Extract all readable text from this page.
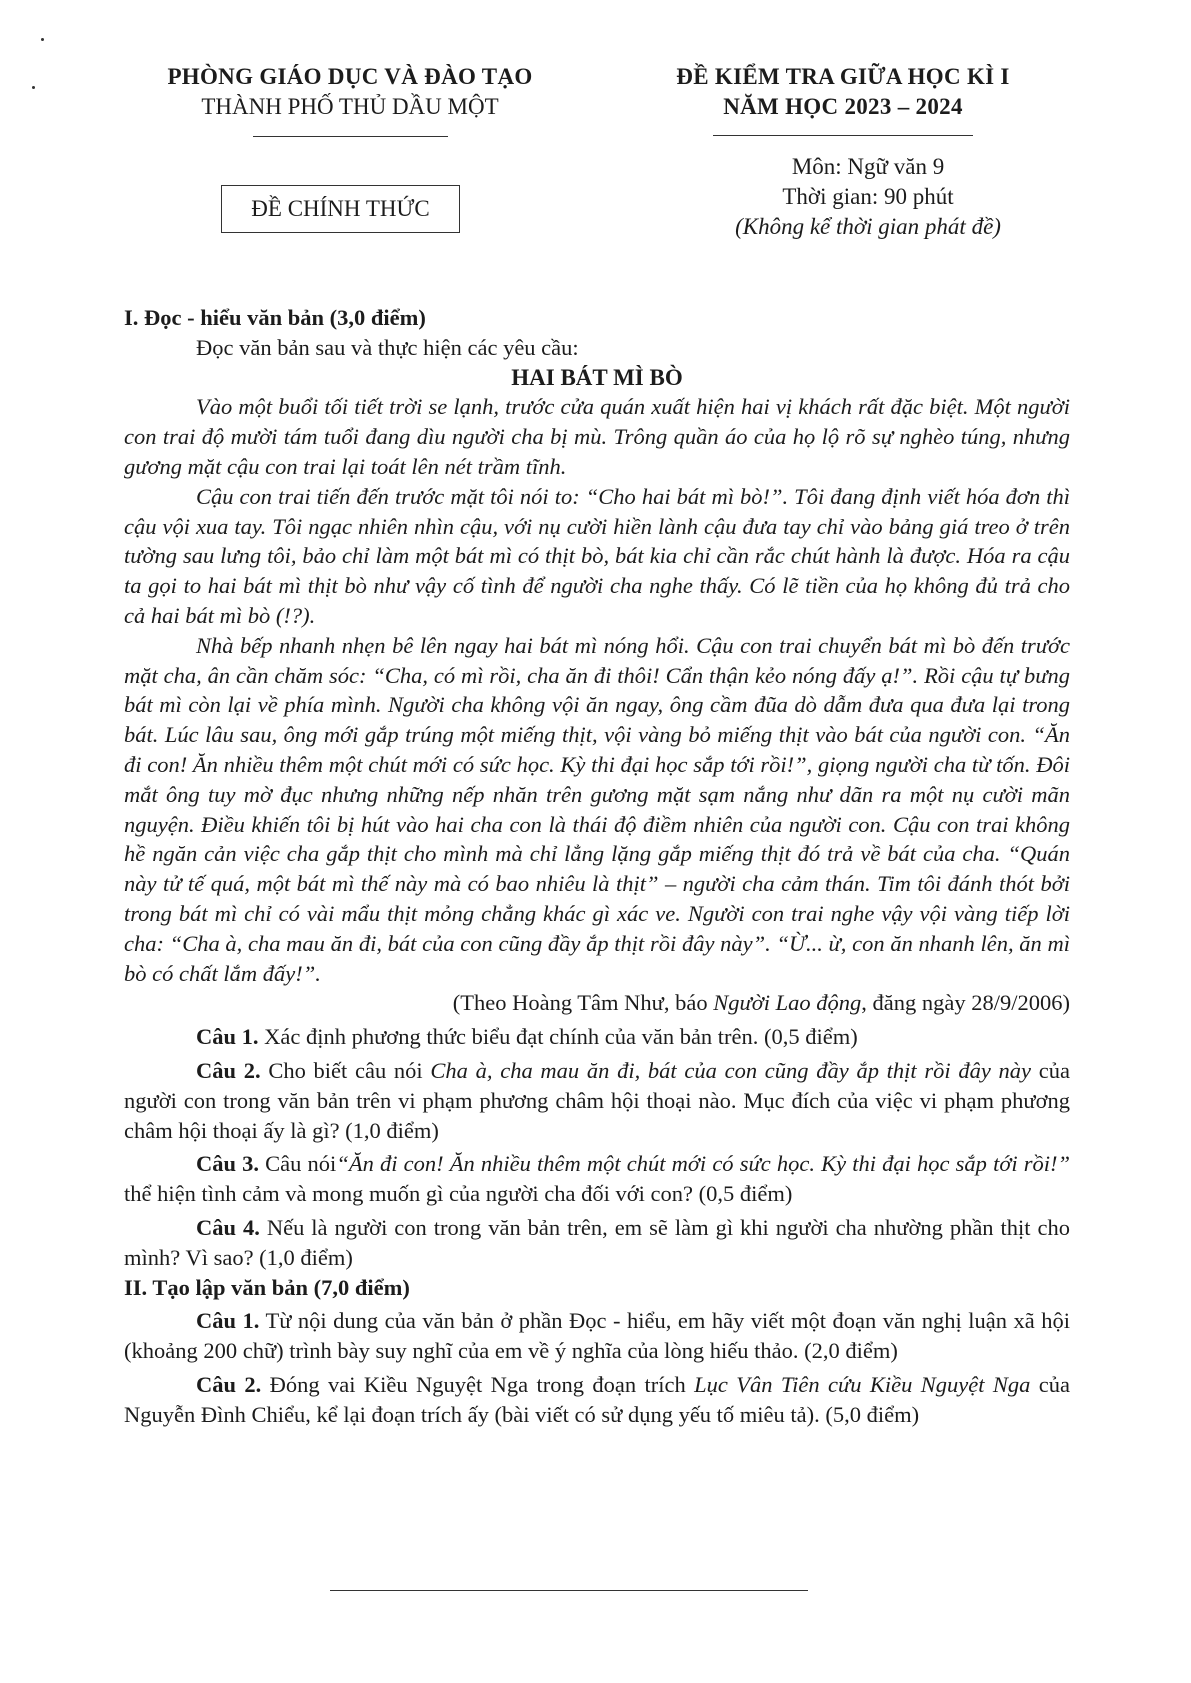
PHÒNG GIÁO DỤC VÀ ĐÀO TẠO
THÀNH PHỐ THỦ DẦU MỘT
ĐỀ CHÍNH THỨC
ĐỀ KIỂM TRA GIỮA HỌC KÌ I
NĂM HỌC 2023 – 2024
Môn: Ngữ văn 9
Thời gian: 90 phút
(Không kể thời gian phát đề)

I. Đọc - hiểu văn bản (3,0 điểm)

Đọc văn bản sau và thực hiện các yêu cầu:

HAI BÁT MÌ BÒ

Vào một buổi tối tiết trời se lạnh, trước cửa quán xuất hiện hai vị khách rất đặc biệt. Một người con trai độ mười tám tuổi đang dìu người cha bị mù. Trông quần áo của họ lộ rõ sự nghèo túng, nhưng gương mặt cậu con trai lại toát lên nét trầm tĩnh.

Cậu con trai tiến đến trước mặt tôi nói to: “Cho hai bát mì bò!”. Tôi đang định viết hóa đơn thì cậu vội xua tay. Tôi ngạc nhiên nhìn cậu, với nụ cười hiền lành cậu đưa tay chỉ vào bảng giá treo ở trên tường sau lưng tôi, bảo chỉ làm một bát mì có thịt bò, bát kia chỉ cần rắc chút hành là được. Hóa ra cậu ta gọi to hai bát mì thịt bò như vậy cố tình để người cha nghe thấy. Có lẽ tiền của họ không đủ trả cho cả hai bát mì bò (!?).

Nhà bếp nhanh nhẹn bê lên ngay hai bát mì nóng hổi. Cậu con trai chuyển bát mì bò đến trước mặt cha, ân cần chăm sóc: “Cha, có mì rồi, cha ăn đi thôi! Cẩn thận kẻo nóng đấy ạ!”. Rồi cậu tự bưng bát mì còn lại về phía mình. Người cha không vội ăn ngay, ông cầm đũa dò dẫm đưa qua đưa lại trong bát. Lúc lâu sau, ông mới gắp trúng một miếng thịt, vội vàng bỏ miếng thịt vào bát của người con. “Ăn đi con! Ăn nhiều thêm một chút mới có sức học. Kỳ thi đại học sắp tới rồi!”, giọng người cha từ tốn. Đôi mắt ông tuy mờ đục nhưng những nếp nhăn trên gương mặt sạm nắng như dãn ra một nụ cười mãn nguyện. Điều khiến tôi bị hút vào hai cha con là thái độ điềm nhiên của người con. Cậu con trai không hề ngăn cản việc cha gắp thịt cho mình mà chỉ lẳng lặng gắp miếng thịt đó trả về bát của cha. “Quán này tử tế quá, một bát mì thế này mà có bao nhiêu là thịt” – người cha cảm thán. Tim tôi đánh thót bởi trong bát mì chỉ có vài mẩu thịt mỏng chẳng khác gì xác ve. Người con trai nghe vậy vội vàng tiếp lời cha: “Cha à, cha mau ăn đi, bát của con cũng đầy ắp thịt rồi đây này”. “Ừ... ừ, con ăn nhanh lên, ăn mì bò có chất lắm đấy!”.

(Theo Hoàng Tâm Như, báo Người Lao động, đăng ngày 28/9/2006)

Câu 1. Xác định phương thức biểu đạt chính của văn bản trên. (0,5 điểm)

Câu 2. Cho biết câu nói Cha à, cha mau ăn đi, bát của con cũng đầy ắp thịt rồi đây này của người con trong văn bản trên vi phạm phương châm hội thoại nào. Mục đích của việc vi phạm phương châm hội thoại ấy là gì? (1,0 điểm)

Câu 3. Câu nói“Ăn đi con! Ăn nhiều thêm một chút mới có sức học. Kỳ thi đại học sắp tới rồi!” thể hiện tình cảm và mong muốn gì của người cha đối với con? (0,5 điểm)

Câu 4. Nếu là người con trong văn bản trên, em sẽ làm gì khi người cha nhường phần thịt cho mình? Vì sao? (1,0 điểm)

II. Tạo lập văn bản (7,0 điểm)

Câu 1. Từ nội dung của văn bản ở phần Đọc - hiểu, em hãy viết một đoạn văn nghị luận xã hội (khoảng 200 chữ) trình bày suy nghĩ của em về ý nghĩa của lòng hiếu thảo. (2,0 điểm)

Câu 2. Đóng vai Kiều Nguyệt Nga trong đoạn trích Lục Vân Tiên cứu Kiều Nguyệt Nga của Nguyễn Đình Chiểu, kể lại đoạn trích ấy (bài viết có sử dụng yếu tố miêu tả). (5,0 điểm)
